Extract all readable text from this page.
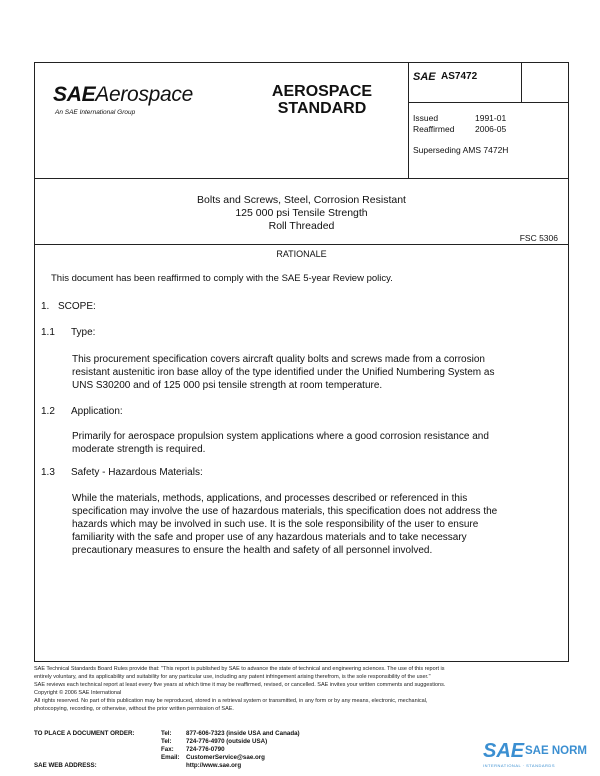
SAEAerospace
An SAE International Group
AEROSPACE
STANDARD
SAE AS7472
Issued	1991-01
Reaffirmed 2006-05
Superseding AMS 7472H
Bolts and Screws, Steel, Corrosion Resistant
125 000 psi Tensile Strength
Roll Threaded
FSC 5306
RATIONALE
This document has been reaffirmed to comply with the SAE 5-year Review policy.
1. SCOPE:
1.1 Type:
This procurement specification covers aircraft quality bolts and screws made from a corrosion
resistant austenitic iron base alloy of the type identified under the Unified Numbering System as
UNS S30200 and of 125 000 psi tensile strength at room temperature.
1.2 Application:
Primarily for aerospace propulsion system applications where a good corrosion resistance and
moderate strength is required.
1.3 Safety - Hazardous Materials:
While the materials, methods, applications, and processes described or referenced in this
specification may involve the use of hazardous materials, this specification does not address the
hazards which may be involved in such use. It is the sole responsibility of the user to ensure
familiarity with the safe and proper use of any hazardous materials and to take necessary
precautionary measures to ensure the health and safety of all personnel involved.

SAE Technical Standards Board Rules provide that: "This report is published by SAE to advance the state of technical and engineering sciences. The use of this report is

entirely voluntary, and its applicability and suitability for any particular use, including any patent infringement arising therefrom, is the sole responsibility of the user."

SAE reviews each technical report at least every five years at which time it may be reaffirmed, revised, or cancelled. SAE invites your written comments and suggestions.

Copyright © 2006 SAE International

All rights reserved. No part of this publication may be reproduced, stored in a retrieval system or transmitted, in any form or by any means, electronic, mechanical,

photocopying, recording, or otherwise, without the prior written permission of SAE.

TO PLACE A DOCUMENT ORDER:	Tel: 877-606-7323 (inside USA and Canada)
Tel: 724-776-4970 (outside USA)
Fax: 724-776-0790
Email: CustomerService@sae.org
SAE WEB ADDRESS:	http://www.sae.org
SAE SAE NORM
INTERNATIONAL · STANDARDS
